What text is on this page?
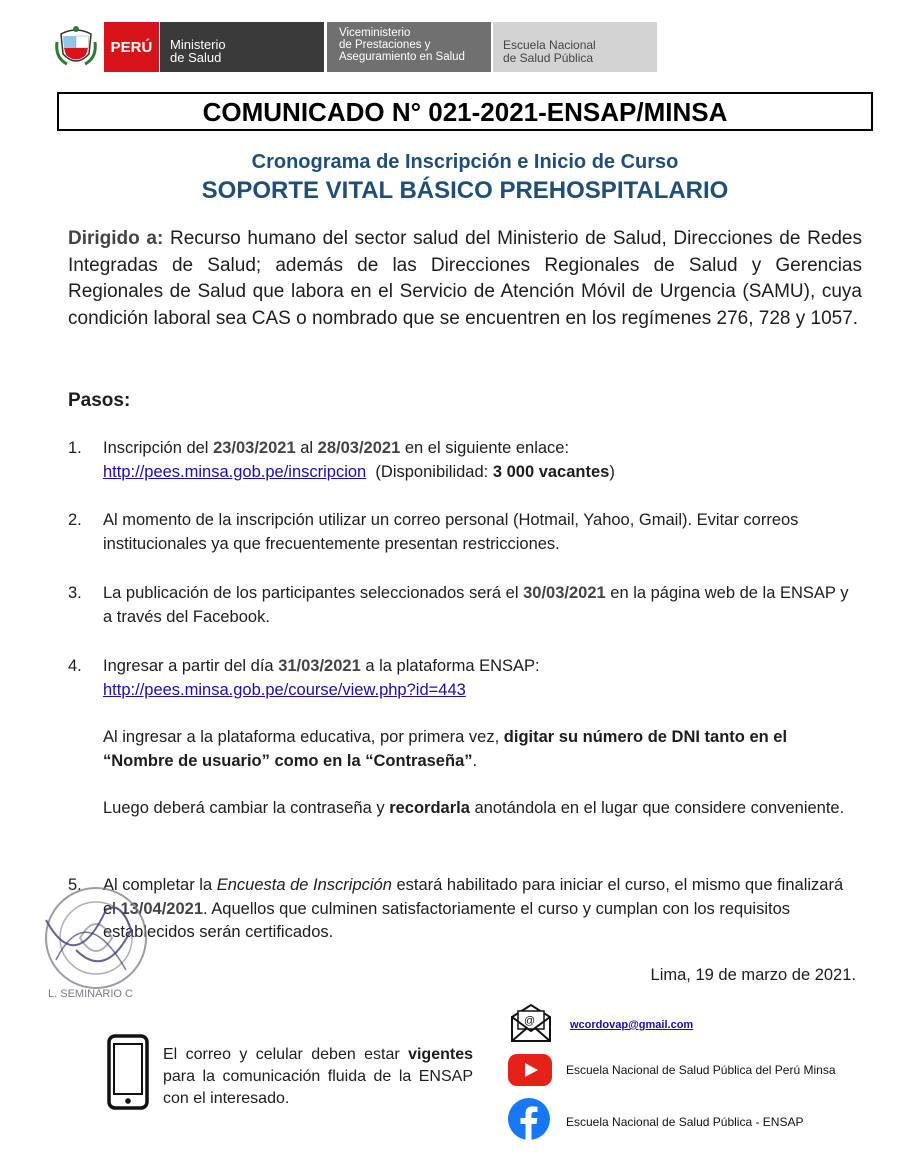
PERÚ Ministerio
de Salud
Viceministerio
de Prestaciones y
Aseguramiento en Salud
Escuela Nacional
de Salud Pública
COMUNICADO N° 021-2021-ENSAP/MINSA
Cronograma de Inscripción e Inicio de Curso
SOPORTE VITAL BÁSICO PREHOSPITALARIO
Dirigido a: Recurso humano del sector salud del Ministerio de Salud, Direcciones de Redes Integradas de Salud; además de las Direcciones Regionales de Salud y Gerencias Regionales de Salud que labora en el Servicio de Atención Móvil de Urgencia (SAMU), cuya condición laboral sea CAS o nombrado que se encuentren en los regímenes 276, 728 y 1057.
Pasos:
1. Inscripción del 23/03/2021 al 28/03/2021 en el siguiente enlace:
http://pees.minsa.gob.pe/inscripcion (Disponibilidad: 3 000 vacantes)
2. Al momento de la inscripción utilizar un correo personal (Hotmail, Yahoo, Gmail). Evitar correos institucionales ya que frecuentemente presentan restricciones.
3. La publicación de los participantes seleccionados será el 30/03/2021 en la página web de la ENSAP y a través del Facebook.
4. Ingresar a partir del día 31/03/2021 a la plataforma ENSAP:
http://pees.minsa.gob.pe/course/view.php?id=443
Al ingresar a la plataforma educativa, por primera vez, digitar su número de DNI tanto en el “Nombre de usuario” como en la “Contraseña”.
Luego deberá cambiar la contraseña y recordarla anotándola en el lugar que considere conveniente.
5. Al completar la Encuesta de Inscripción estará habilitado para iniciar el curso, el mismo que finalizará el 13/04/2021. Aquellos que culminen satisfactoriamente el curso y cumplan con los requisitos establecidos serán certificados.
L. SEMINARIO C
Lima, 19 de marzo de 2021.
El correo y celular deben estar vigentes para la comunicación fluida de la ENSAP con el interesado.
@	wcordovap@gmail.com
Escuela Nacional de Salud Pública del Perú Minsa
Escuela Nacional de Salud Pública - ENSAP
